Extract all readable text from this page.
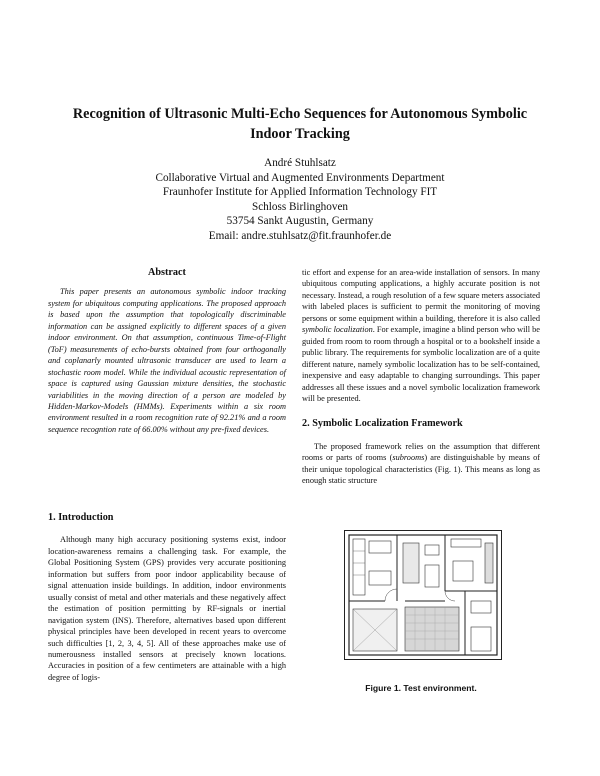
Recognition of Ultrasonic Multi-Echo Sequences for Autonomous Symbolic
Indoor Tracking
André Stuhlsatz
Collaborative Virtual and Augmented Environments Department
Fraunhofer Institute for Applied Information Technology FIT
Schloss Birlinghoven
53754 Sankt Augustin, Germany
Email: andre.stuhlsatz@fit.fraunhofer.de
Abstract

This paper presents an autonomous symbolic indoor tracking system for ubiquitous computing applications. The proposed approach is based upon the assumption that topologically discriminable information can be assigned explicitly to different spaces of a given indoor environment. On that assumption, continuous Time-of-Flight (ToF) measurements of echo-bursts obtained from four orthogonally and coplanarly mounted ultrasonic transducer are used to learn a stochastic room model. While the individual acoustic representation of space is captured using Gaussian mixture densities, the stochastic variabilities in the moving direction of a person are modeled by Hidden-Markov-Models (HMMs). Experiments within a six room environment resulted in a room recognition rate of 92.21% and a room sequence recogntion rate of 66.00% without any pre-fixed devices.

1. Introduction

Although many high accuracy positioning systems exist, indoor location-awareness remains a challenging task. For example, the Global Positioning System (GPS) provides very accurate positioning information but suffers from poor indoor applicability because of signal attenuation inside buildings. In addition, indoor environments usually consist of metal and other materials and these negatively affect the estimation of position permitting by RF-signals or inertial navigation system (INS). Therefore, alternatives based upon different physical principles have been developed in recent years to overcome such difficulties [1, 2, 3, 4, 5]. All of these approaches make use of numerousness installed sensors at precisely known locations. Accuracies in position of a few centimeters are attainable with a high degree of logis-

tic effort and expense for an area-wide installation of sensors. In many ubiquitous computing applications, a highly accurate position is not necessary. Instead, a rough resolution of a few square meters associated with labeled places is sufficient to permit the monitoring of moving persons or some equipment within a building, therefore it is also called symbolic localization. For example, imagine a blind person who will be guided from room to room through a hospital or to a bookshelf inside a public library. The requirements for symbolic localization are of a quite different nature, namely symbolic localization has to be self-contained, inexpensive and easy adaptable to changing surroundings. This paper addresses all these issues and a novel symbolic localization framework will be presented.

2. Symbolic Localization Framework

The proposed framework relies on the assumption that different rooms or parts of rooms (subrooms) are distinguishable by means of their unique topological characteristics (Fig. 1). This means as long as enough static structure

Figure 1. Test environment.
